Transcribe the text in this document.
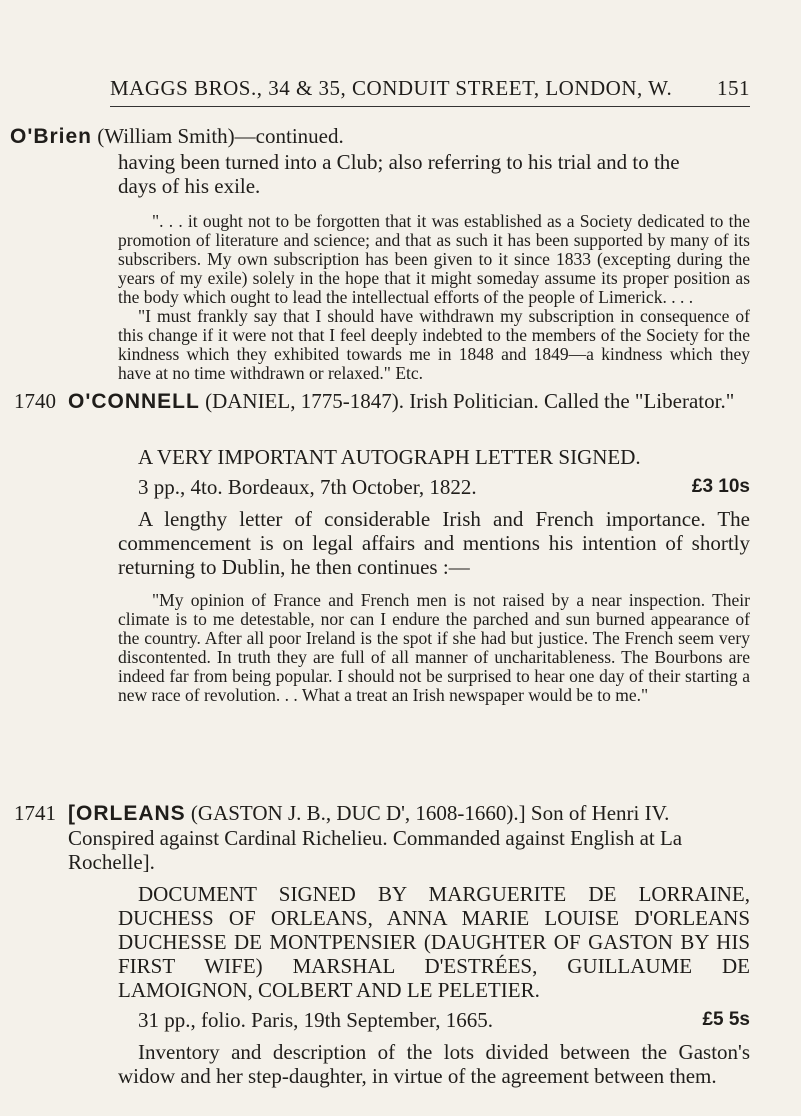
MAGGS BROS., 34 & 35, CONDUIT STREET, LONDON, W. 151

O'Brien (William Smith)—continued.

having been turned into a Club; also referring to his trial and to the

days of his exile.

". . . it ought not to be forgotten that it was established as a Society dedicated to the promotion of literature and science; and that as such it has been supported by many of its subscribers. My own subscription has been given to it since 1833 (excepting during the years of my exile) solely in the hope that it might someday assume its proper position as the body which ought to lead the intellectual efforts of the people of Limerick. . . .

"I must frankly say that I should have withdrawn my subscription in consequence of this change if it were not that I feel deeply indebted to the members of the Society for the kindness which they exhibited towards me in 1848 and 1849—a kindness which they have at no time withdrawn or relaxed." Etc.

1740 O'CONNELL (DANIEL, 1775-1847). Irish Politician. Called the "Liberator."

A VERY IMPORTANT AUTOGRAPH LETTER SIGNED.

3 pp., 4to. Bordeaux, 7th October, 1822.	£3 10s

A lengthy letter of considerable Irish and French importance. The commencement is on legal affairs and mentions his intention of shortly returning to Dublin, he then continues :—

"My opinion of France and French men is not raised by a near inspection. Their climate is to me detestable, nor can I endure the parched and sun burned appearance of the country. After all poor Ireland is the spot if she had but justice. The French seem very discontented. In truth they are full of all manner of uncharitableness. The Bourbons are indeed far from being popular. I should not be surprised to hear one day of their starting a new race of revolution. . . What a treat an Irish newspaper would be to me."

1741 [ORLEANS (GASTON J. B., DUC D', 1608-1660).] Son of Henri IV. Conspired against Cardinal Richelieu. Commanded against English at La Rochelle].

DOCUMENT SIGNED BY MARGUERITE DE LORRAINE, DUCHESS OF ORLEANS, ANNA MARIE LOUISE D'ORLEANS DUCHESSE DE MONTPENSIER (DAUGHTER OF GASTON BY HIS FIRST WIFE) MARSHAL D'ESTRÉES, GUILLAUME DE LAMOIGNON, COLBERT AND LE PELETIER.

31 pp., folio. Paris, 19th September, 1665.	£5 5s

Inventory and description of the lots divided between the Gaston's widow and her step-daughter, in virtue of the agreement between them.
